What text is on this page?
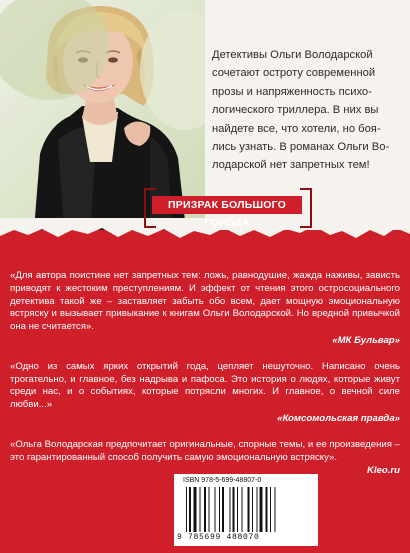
Детективы Ольги Володарской
сочетают остроту современной
прозы и напряженность психо-
логического триллера. В них вы
найдете все, что хотели, но боя-
лись узнать. В романах Ольги Во-
лодарской нет запретных тем!
ПРИЗРАК БОЛЬШОГО ГОРОДА
«Для автора поистине нет запретных тем: ложь, равнодушие, жажда наживы, зависть приводят к жестоким преступлениям. И эффект от чтения этого остросоциального детектива такой же – заставляет забыть обо всем, дает мощную эмоциональную встряску и вызывает привыкание к книгам Ольги Володарской. Но вредной привычкой она не считается».
«МК Бульвар»
«Одно из самых ярких открытий года, цепляет нешуточно. Написано очень трогательно, и главное, без надрыва и пафоса. Это история о людях, которые живут среди нас, и о событиях, которые потрясли многих. И главное, о вечной силе любви...»
«Комсомольская правда»
«Ольга Володарская предпочитает оригинальные, спорные темы, и ее произведения – это гарантированный способ получить самую эмоциональную встряску».
Kleo.ru
ISBN 978-5-699-48807-0
9 785699 488070
